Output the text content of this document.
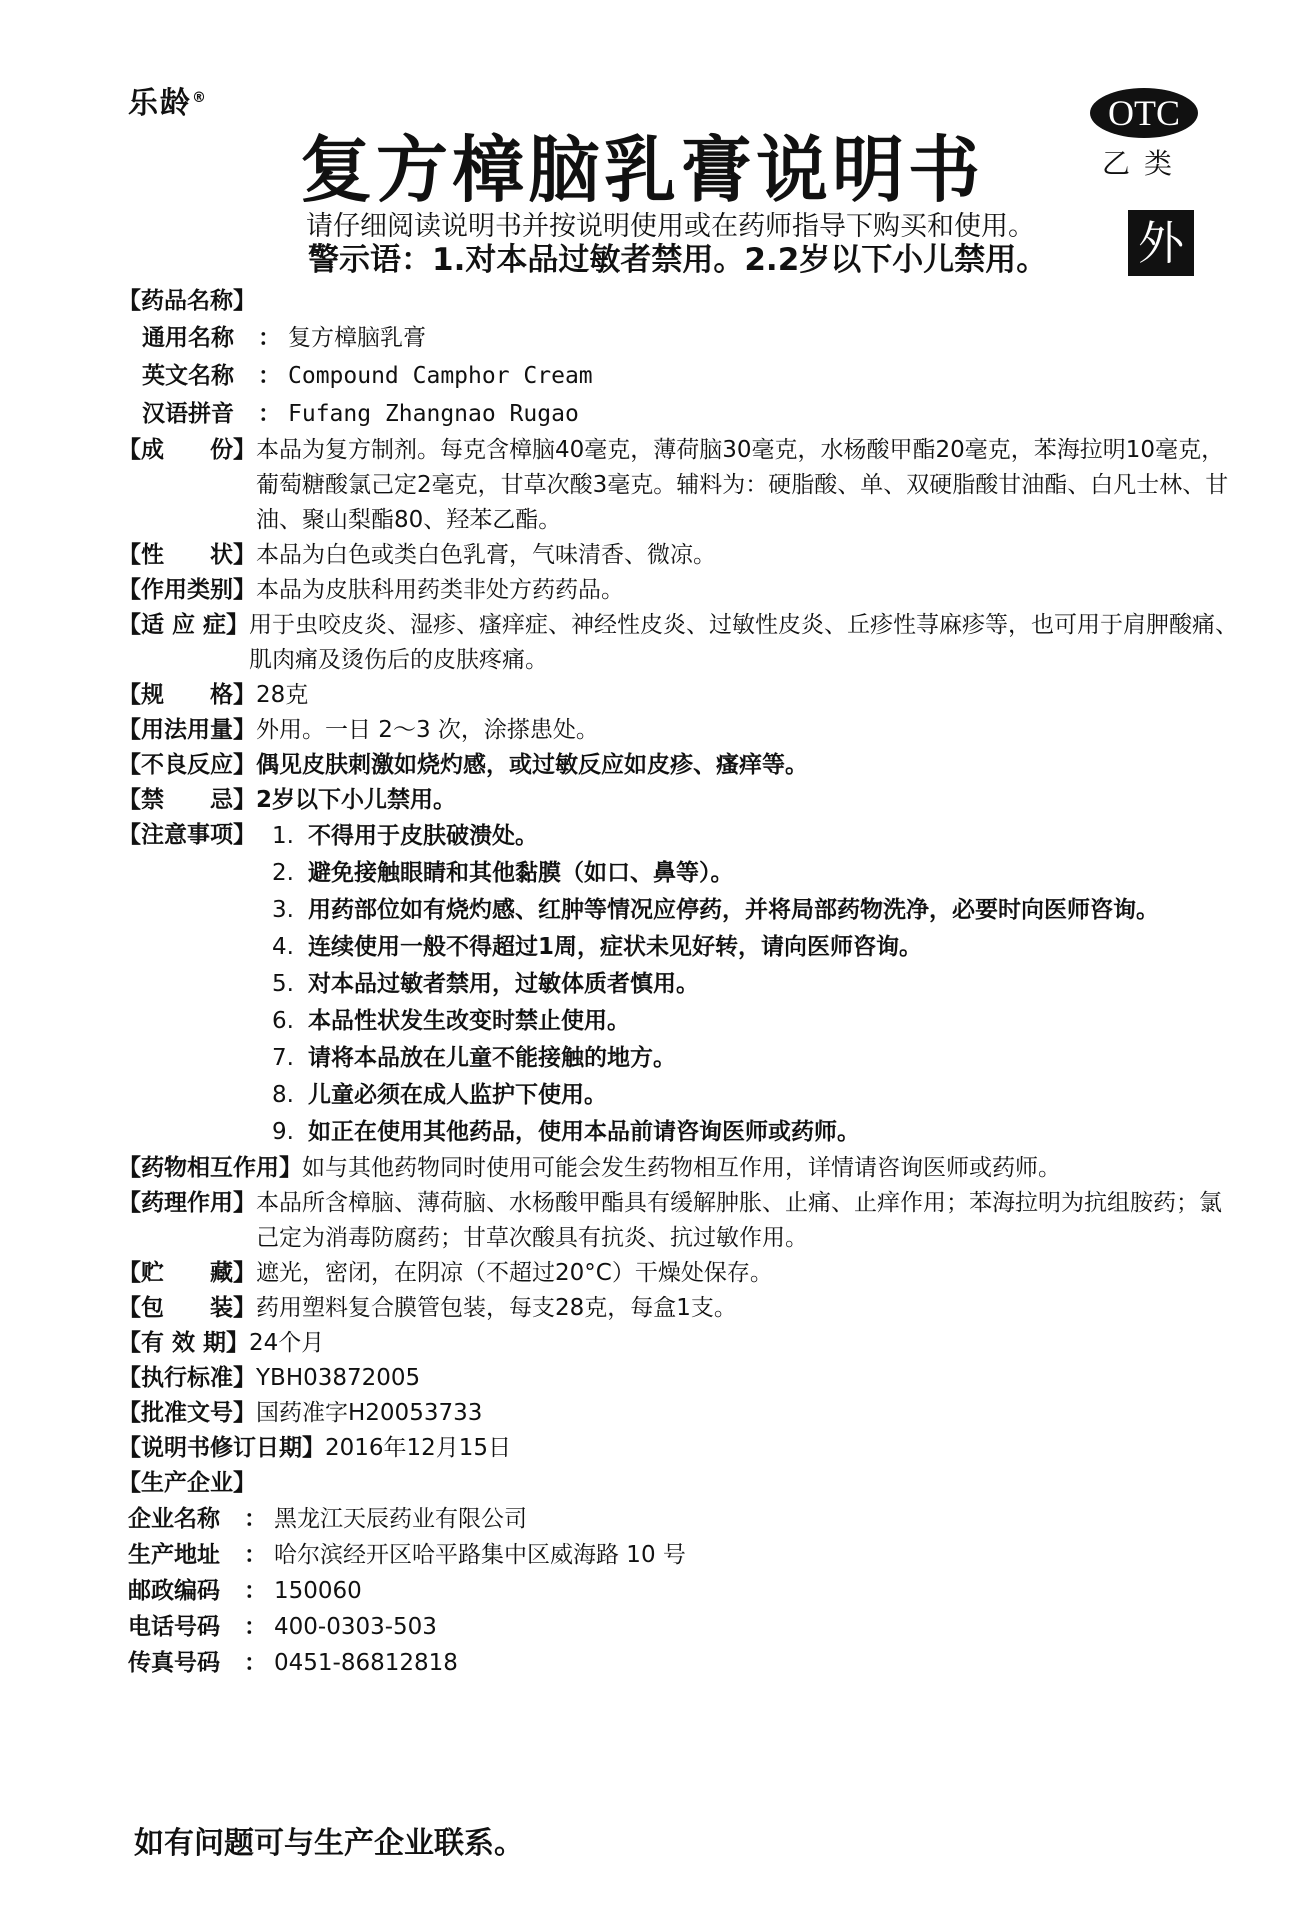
乐龄®
复方樟脑乳膏说明书
OTC
乙类
外
请仔细阅读说明书并按说明使用或在药师指导下购买和使用。
警示语：1.对本品过敏者禁用。2.2岁以下小儿禁用。
【药品名称】
通用名称	： 复方樟脑乳膏
英文名称	： Compound Camphor Cream
汉语拼音	： Fufang Zhangnao Rugao
【成　　份】 本品为复方制剂。每克含樟脑40毫克，薄荷脑30毫克，水杨酸甲酯20毫克，苯海拉明10毫克，葡萄糖酸氯己定2毫克，甘草次酸3毫克。辅料为：硬脂酸、单、双硬脂酸甘油酯、白凡士林、甘油、聚山梨酯80、羟苯乙酯。
【性　　状】 本品为白色或类白色乳膏，气味清香、微凉。
【作用类别】 本品为皮肤科用药类非处方药药品。
【适 应 症】 用于虫咬皮炎、湿疹、瘙痒症、神经性皮炎、过敏性皮炎、丘疹性荨麻疹等，也可用于肩胛酸痛、肌肉痛及烫伤后的皮肤疼痛。
【规　　格】 28克
【用法用量】 外用。一日 2～3 次，涂搽患处。
【不良反应】 偶见皮肤刺激如烧灼感，或过敏反应如皮疹、瘙痒等。
【禁　　忌】 2岁以下小儿禁用。
【注意事项】 1. 不得用于皮肤破溃处。
2. 避免接触眼睛和其他黏膜（如口、鼻等）。
3. 用药部位如有烧灼感、红肿等情况应停药，并将局部药物洗净，必要时向医师咨询。
4. 连续使用一般不得超过1周，症状未见好转，请向医师咨询。
5. 对本品过敏者禁用，过敏体质者慎用。
6. 本品性状发生改变时禁止使用。
7. 请将本品放在儿童不能接触的地方。
8. 儿童必须在成人监护下使用。
9. 如正在使用其他药品，使用本品前请咨询医师或药师。
【药物相互作用】 如与其他药物同时使用可能会发生药物相互作用，详情请咨询医师或药师。
【药理作用】 本品所含樟脑、薄荷脑、水杨酸甲酯具有缓解肿胀、止痛、止痒作用；苯海拉明为抗组胺药；氯己定为消毒防腐药；甘草次酸具有抗炎、抗过敏作用。
【贮　　藏】 遮光，密闭，在阴凉（不超过20°C）干燥处保存。
【包　　装】 药用塑料复合膜管包装，每支28克，每盒1支。
【有 效 期】 24个月
【执行标准】 YBH03872005
【批准文号】 国药准字H20053733
【说明书修订日期】 2016年12月15日
【生产企业】
企业名称	： 黑龙江天辰药业有限公司
生产地址	： 哈尔滨经开区哈平路集中区威海路 10 号
邮政编码	： 150060
电话号码	： 400-0303-503
传真号码	： 0451-86812818
如有问题可与生产企业联系。
